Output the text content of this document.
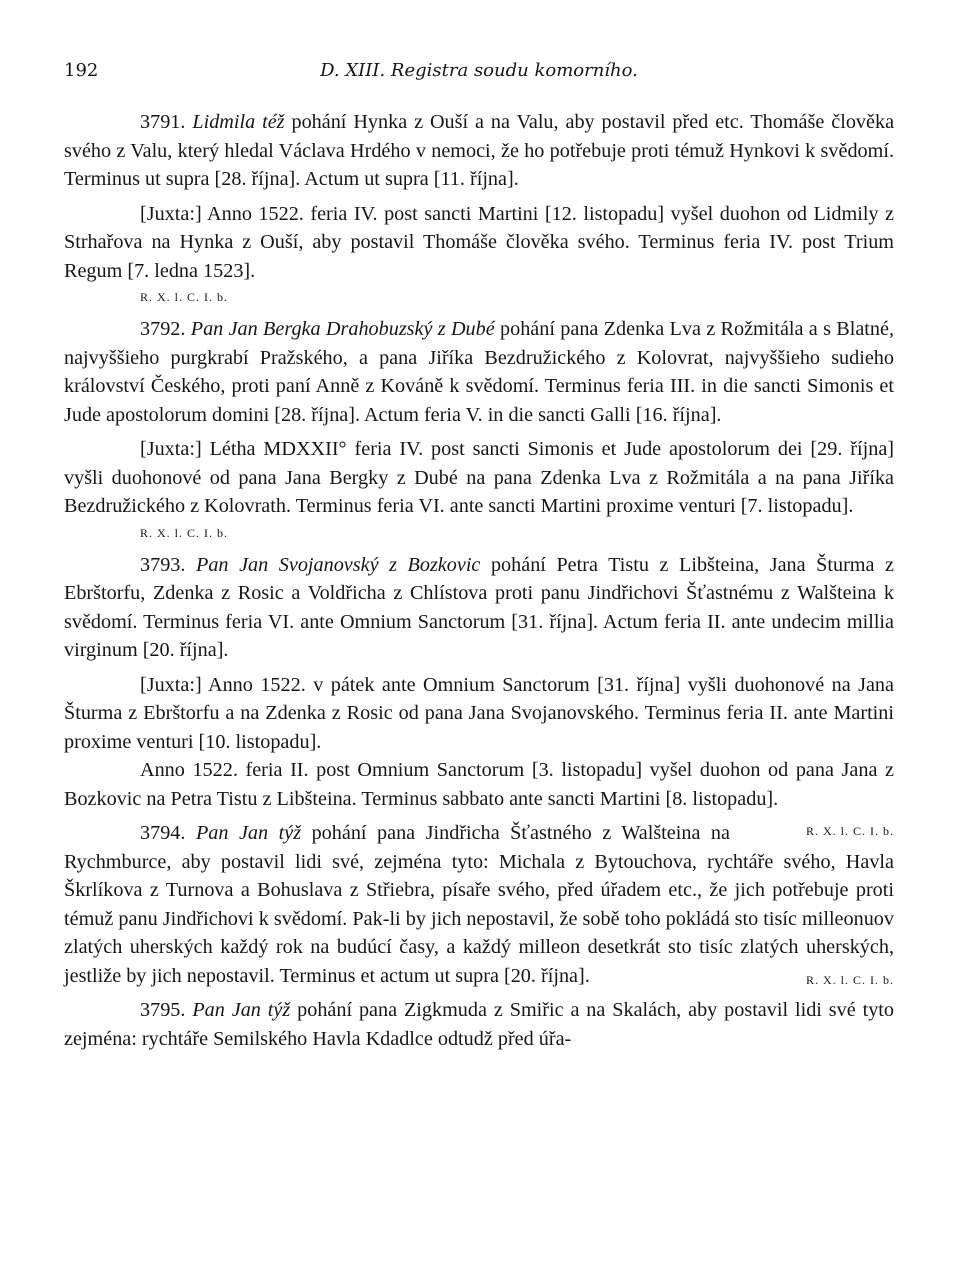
192	D. XIII. Registra soudu komorního.

3791. Lidmila též pohání Hynka z Ouší a na Valu, aby postavil před etc. Thomáše člověka svého z Valu, který hledal Václava Hrdého v nemoci, že ho potřebuje proti témuž Hynkovi k svědomí. Terminus ut supra [28. října]. Actum ut supra [11. října].

[Juxta:] Anno 1522. feria IV. post sancti Martini [12. listopadu] vyšel duohon od Lidmily z Strhařova na Hynka z Ouší, aby postavil Thomáše člověka svého. Terminus feria IV. post Trium Regum [7. ledna 1523].

R. X. l. C. I. b.

3792. Pan Jan Bergka Drahobuzský z Dubé pohání pana Zdenka Lva z Rožmitála a s Blatné, najvyššieho purgkrabí Pražského, a pana Jiříka Bezdružického z Kolovrat, najvyššieho sudieho království Českého, proti paní Anně z Kováně k svědomí. Terminus feria III. in die sancti Simonis et Jude apostolorum domini [28. října]. Actum feria V. in die sancti Galli [16. října].

[Juxta:] Létha MDXXII° feria IV. post sancti Simonis et Jude apostolorum dei [29. října] vyšli duohonové od pana Jana Bergky z Dubé na pana Zdenka Lva z Rožmitála a na pana Jiříka Bezdružického z Kolovrath. Terminus feria VI. ante sancti Martini proxime venturi [7. listopadu].

R. X. l. C. I. b.

3793. Pan Jan Svojanovský z Bozkovic pohání Petra Tistu z Libšteina, Jana Šturma z Ebrštorfu, Zdenka z Rosic a Voldřicha z Chlístova proti panu Jindřichovi Šťastnému z Walšteina k svědomí. Terminus feria VI. ante Omnium Sanctorum [31. října]. Actum feria II. ante undecim millia virginum [20. října].

[Juxta:] Anno 1522. v pátek ante Omnium Sanctorum [31. října] vyšli duohonové na Jana Šturma z Ebrštorfu a na Zdenka z Rosic od pana Jana Svojanovského. Terminus feria II. ante Martini proxime venturi [10. listopadu].

Anno 1522. feria II. post Omnium Sanctorum [3. listopadu] vyšel duohon od pana Jana z Bozkovic na Petra Tistu z Libšteina. Terminus sabbato ante sancti Martini [8. listopadu].
R. X. l. C. I. b.

3794. Pan Jan týž pohání pana Jindřicha Šťastného z Walšteina na Rychmburce, aby postavil lidi své, zejména tyto: Michala z Bytouchova, rychtáře svého, Havla Škrlíkova z Turnova a Bohuslava z Střiebra, písaře svého, před úřadem etc., že jich potřebuje proti témuž panu Jindřichovi k svědomí. Pak-li by jich nepostavil, že sobě toho pokládá sto tisíc milleonuov zlatých uherských každý rok na budúcí časy, a každý milleon desetkrát sto tisíc zlatých uherských, jestliže by jich nepostavil. Terminus et actum ut supra [20. října].	R. X. l. C. I. b.

3795. Pan Jan týž pohání pana Zigkmuda z Smiřic a na Skalách, aby postavil lidi své tyto zejména: rychtáře Semilského Havla Kdadlce odtudž před úřa-
